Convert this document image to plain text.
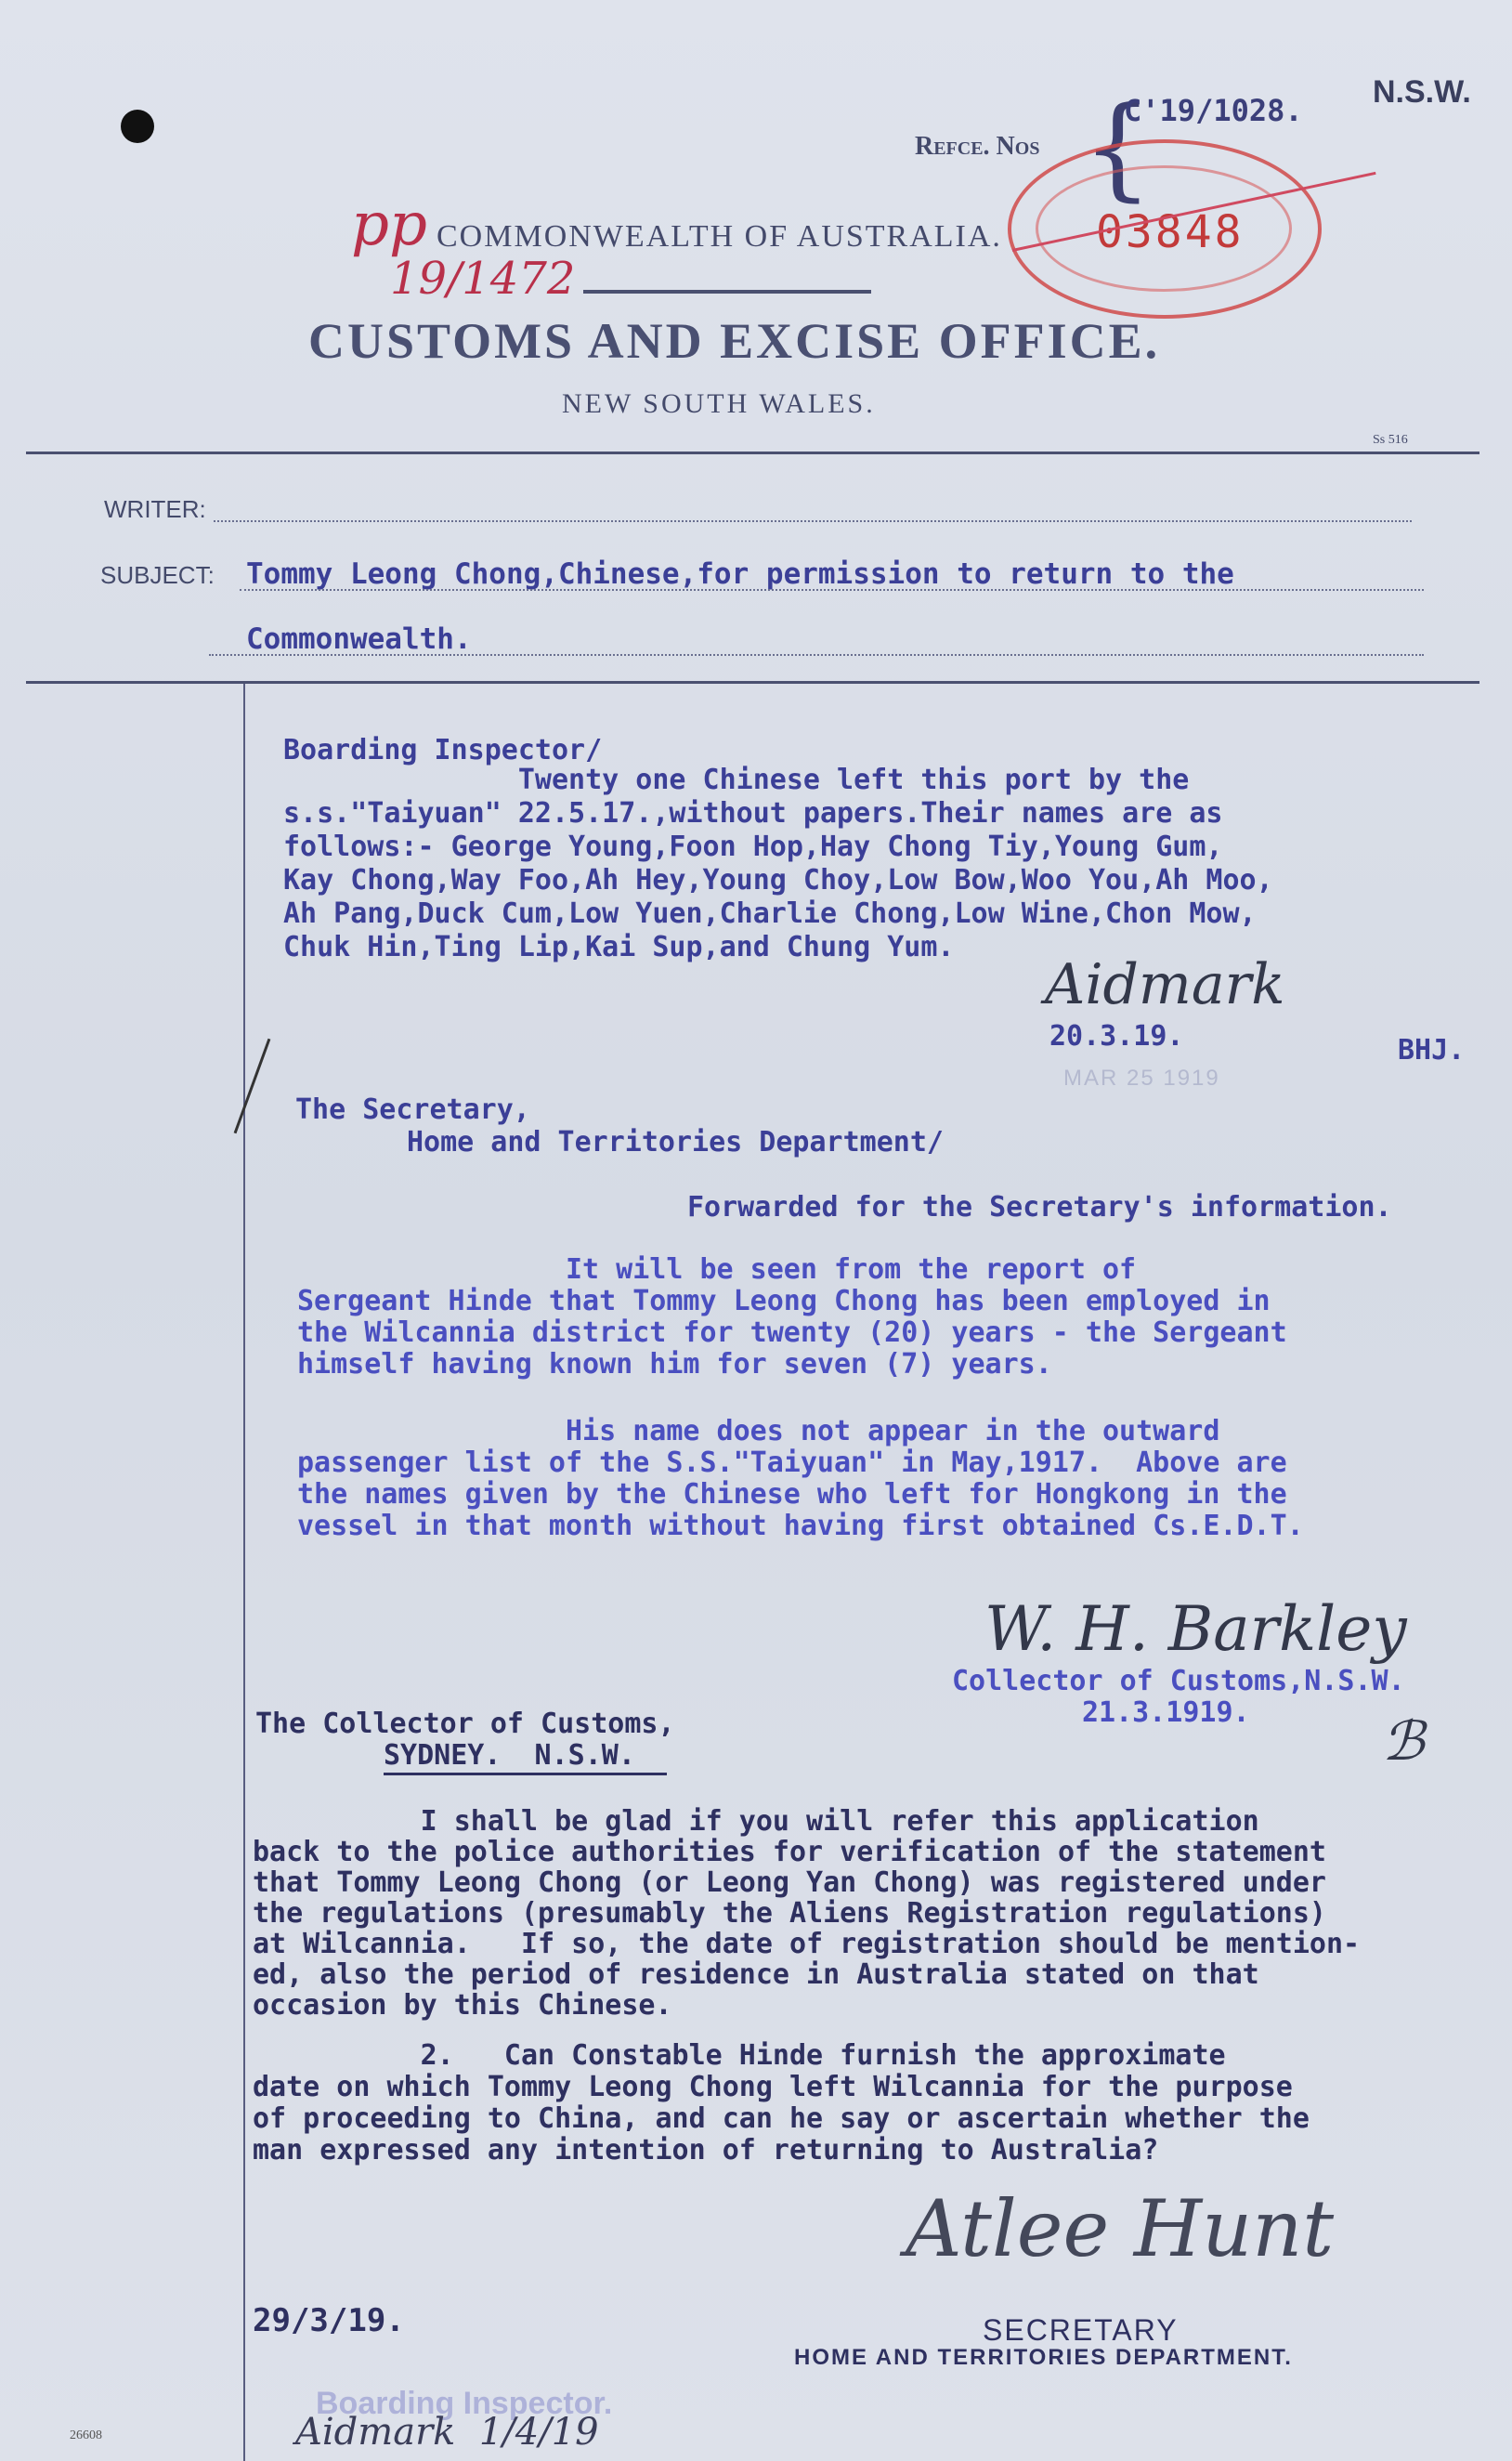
N.S.W.
Refce. Nos {
C'19/1028.
03848
pp
19/1472
COMMONWEALTH OF AUSTRALIA.
CUSTOMS AND EXCISE OFFICE.
NEW SOUTH WALES.
Ss 516
WRITER:
SUBJECT: Tommy Leong Chong,Chinese,for permission to return to the
Commonwealth.
Boarding Inspector/
Twenty one Chinese left this port by the
s.s."Taiyuan" 22.5.17.,without papers.Their names are as
follows:- George Young,Foon Hop,Hay Chong Tiy,Young Gum,
Kay Chong,Way Foo,Ah Hey,Young Choy,Low Bow,Woo You,Ah Moo,
Ah Pang,Duck Cum,Low Yuen,Charlie Chong,Low Wine,Chon Mow,
Chuk Hin,Ting Lip,Kai Sup,and Chung Yum.
Aidmark
20.3.19.
MAR 25 1919
BHJ.
The Secretary,
Home and Territories Department/
Forwarded for the Secretary's information.
It will be seen from the report of
Sergeant Hinde that Tommy Leong Chong has been employed in
the Wilcannia district for twenty (20) years - the Sergeant
himself having known him for seven (7) years.
His name does not appear in the outward
passenger list of the S.S."Taiyuan" in May,1917.  Above are
the names given by the Chinese who left for Hongkong in the
vessel in that month without having first obtained Cs.E.D.T.
W. H. Barkley
Collector of Customs,N.S.W.
21.3.1919. ℬ
The Collector of Customs,
SYDNEY.  N.S.W.
I shall be glad if you will refer this application
back to the police authorities for verification of the statement
that Tommy Leong Chong (or Leong Yan Chong) was registered under
the regulations (presumably the Aliens Registration regulations)
at Wilcannia.   If so, the date of registration should be mention-
ed, also the period of residence in Australia stated on that
occasion by this Chinese.
2.   Can Constable Hinde furnish the approximate
date on which Tommy Leong Chong left Wilcannia for the purpose
of proceeding to China, and can he say or ascertain whether the
man expressed any intention of returning to Australia?
Atlee Hunt
29/3/19.	SECRETARY
HOME AND TERRITORIES DEPARTMENT.
Boarding Inspector.
Aidmark  1/4/19
26608
